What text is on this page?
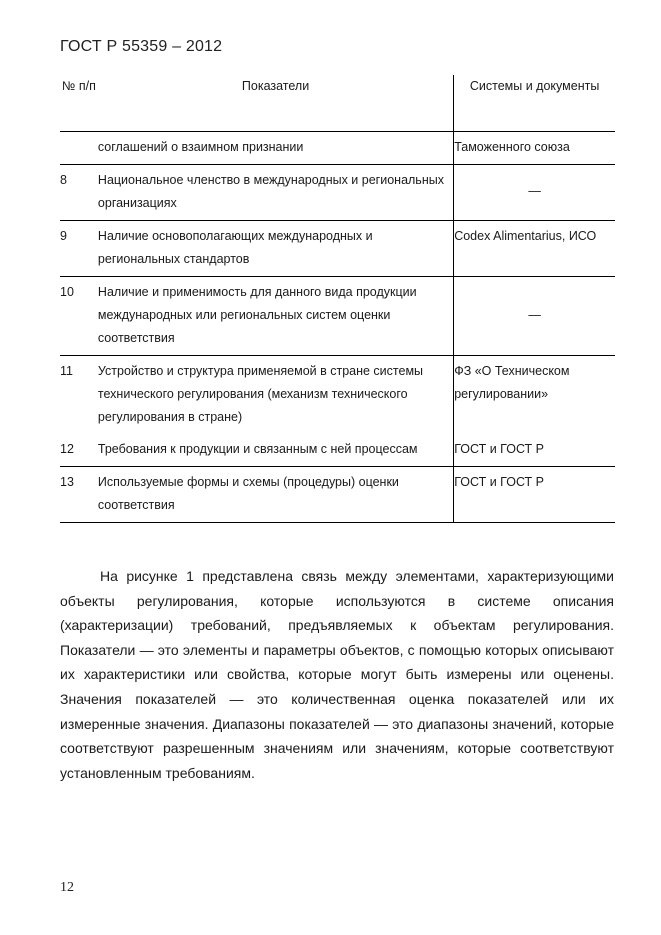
ГОСТ Р 55359 – 2012
№ п/п	Показатели	Системы и документы

	соглашений о взаимном признании	Таможенного союза

8	Национальное членство в международных и региональных организациях	—

9	Наличие основополагающих международных и региональных стандартов	Codex Alimentarius, ИСО

10	Наличие и применимость для данного вида продукции международных или региональных систем оценки соответствия	—

11	Устройство и структура применяемой в стране системы технического регулирования (механизм технического регулирования в стране)	ФЗ «О Техническом регулировании»

12	Требования к продукции и связанным с ней процессам	ГОСТ и ГОСТ Р

13	Используемые формы и схемы (процедуры) оценки соответствия	ГОСТ и ГОСТ Р
На рисунке 1 представлена связь между элементами, характеризующими объекты регулирования, которые используются в системе описания (характеризации) требований, предъявляемых к объектам регулирования. Показатели — это элементы и параметры объектов, с помощью которых описывают их характеристики или свойства, которые могут быть измерены или оценены. Значения показателей — это количественная оценка показателей или их измеренные значения. Диапазоны показателей — это диапазоны значений, которые соответствуют разрешенным значениям или значениям, которые соответствуют установленным требованиям.
12
